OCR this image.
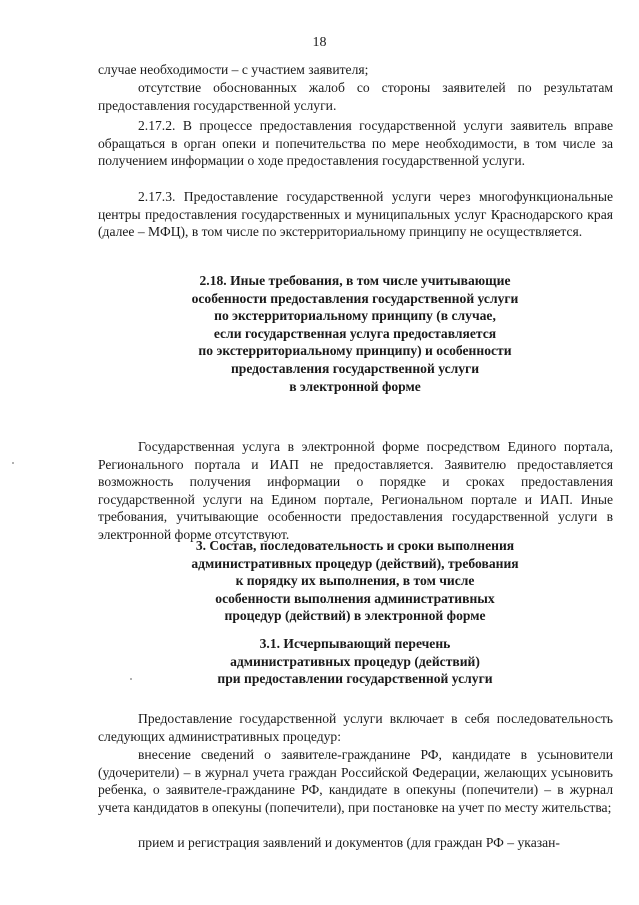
18

случае необходимости – с участием заявителя;

отсутствие обоснованных жалоб со стороны заявителей по результатам предоставления государственной услуги.

2.17.2. В процессе предоставления государственной услуги заявитель вправе обращаться в орган опеки и попечительства по мере необходимости, в том числе за получением информации о ходе предоставления государственной услуги.

2.17.3. Предоставление государственной услуги через многофункциональные центры предоставления государственных и муниципальных услуг Краснодарского края (далее – МФЦ), в том числе по экстерриториальному принципу не осуществляется.

2.18. Иные требования, в том числе учитывающие
особенности предоставления государственной услуги
по экстерриториальному принципу (в случае,
если государственная услуга предоставляется
по экстерриториальному принципу) и особенности
предоставления государственной услуги
в электронной форме

Государственная услуга в электронной форме посредством Единого портала, Регионального портала и ИАП не предоставляется. Заявителю предоставляется возможность получения информации о порядке и сроках предоставления государственной услуги на Едином портале, Региональном портале и ИАП. Иные требования, учитывающие особенности предоставления государственной услуги в электронной форме отсутствуют.

3. Состав, последовательность и сроки выполнения
административных процедур (действий), требования
к порядку их выполнения, в том числе
особенности выполнения административных
процедур (действий) в электронной форме
3.1. Исчерпывающий перечень
административных процедур (действий)
при предоставлении государственной услуги

Предоставление государственной услуги включает в себя последовательность следующих административных процедур:

внесение сведений о заявителе-гражданине РФ, кандидате в усыновители (удочерители) – в журнал учета граждан Российской Федерации, желающих усыновить ребенка, о заявителе-гражданине РФ, кандидате в опекуны (попечители) – в журнал учета кандидатов в опекуны (попечители), при постановке на учет по месту жительства;

прием и регистрация заявлений и документов (для граждан РФ – указан-
